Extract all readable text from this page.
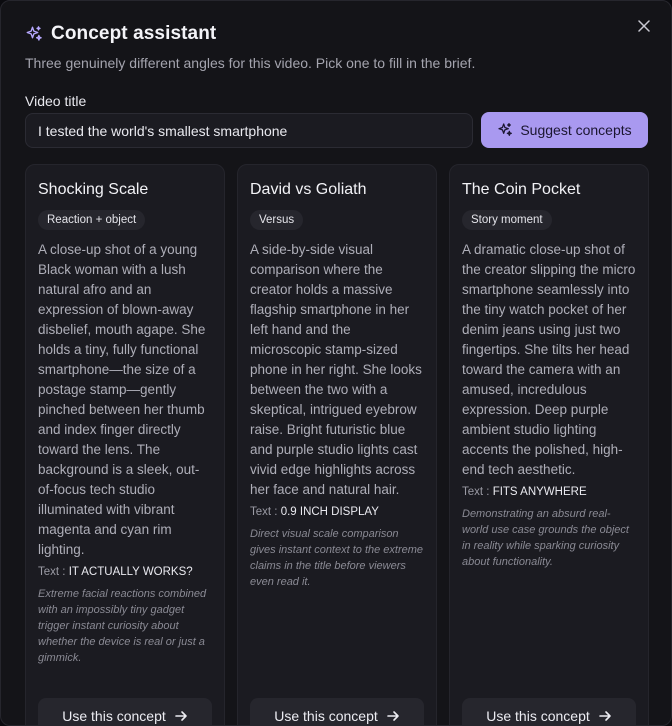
Concept assistant
Three genuinely different angles for this video. Pick one to fill in the brief.
Video title
I tested the world's smallest smartphone	Suggest concepts
Shocking Scale
Reaction + object
A close-up shot of a young Black woman with a lush natural afro and an expression of blown-away disbelief, mouth agape. She holds a tiny, fully functional smartphone—the size of a postage stamp—gently pinched between her thumb and index finger directly toward the lens. The background is a sleek, out-of-focus tech studio illuminated with vibrant magenta and cyan rim lighting.
Text : IT ACTUALLY WORKS?
Extreme facial reactions combined with an impossibly tiny gadget trigger instant curiosity about whether the device is real or just a gimmick.
David vs Goliath
Versus
A side-by-side visual comparison where the creator holds a massive flagship smartphone in her left hand and the microscopic stamp-sized phone in her right. She looks between the two with a skeptical, intrigued eyebrow raise. Bright futuristic blue and purple studio lights cast vivid edge highlights across her face and natural hair.
Text : 0.9 INCH DISPLAY
Direct visual scale comparison gives instant context to the extreme claims in the title before viewers even read it.
The Coin Pocket
Story moment
A dramatic close-up shot of the creator slipping the micro smartphone seamlessly into the tiny watch pocket of her denim jeans using just two fingertips. She tilts her head toward the camera with an amused, incredulous expression. Deep purple ambient studio lighting accents the polished, high-end tech aesthetic.
Text : FITS ANYWHERE
Demonstrating an absurd real-world use case grounds the object in reality while sparking curiosity about functionality.
Use this concept	Use this concept	Use this concept
